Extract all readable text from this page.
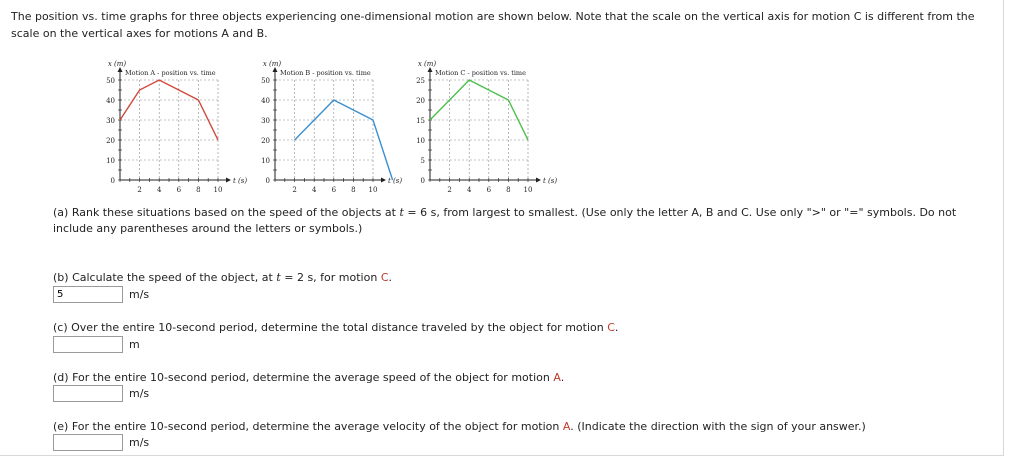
The position vs. time graphs for three objects experiencing one-dimensional motion are shown below. Note that the scale on the vertical axis for motion C is different from the scale on the vertical axes for motions A and B.
50
40
30
20
10
0
2 4 6 8 10
x (m)
t (s)
Motion A - position vs. time
50
40
30
20
10
0
2 4 6 8 10
x (m)
t (s)
Motion B - position vs. time
25
20
15
10
5
0
2 4 6 8 10
x (m)
t (s)
Motion C - position vs. time
(a) Rank these situations based on the speed of the objects at t = 6 s, from largest to smallest. (Use only the letter A, B and C. Use only ">" or "=" symbols. Do not include any parentheses around the letters or symbols.)
(b) Calculate the speed of the object, at t = 2 s, for motion C.
5
m/s
(c) Over the entire 10-second period, determine the total distance traveled by the object for motion C.
m
(d) For the entire 10-second period, determine the average speed of the object for motion A.
m/s
(e) For the entire 10-second period, determine the average velocity of the object for motion A. (Indicate the direction with the sign of your answer.)
m/s
